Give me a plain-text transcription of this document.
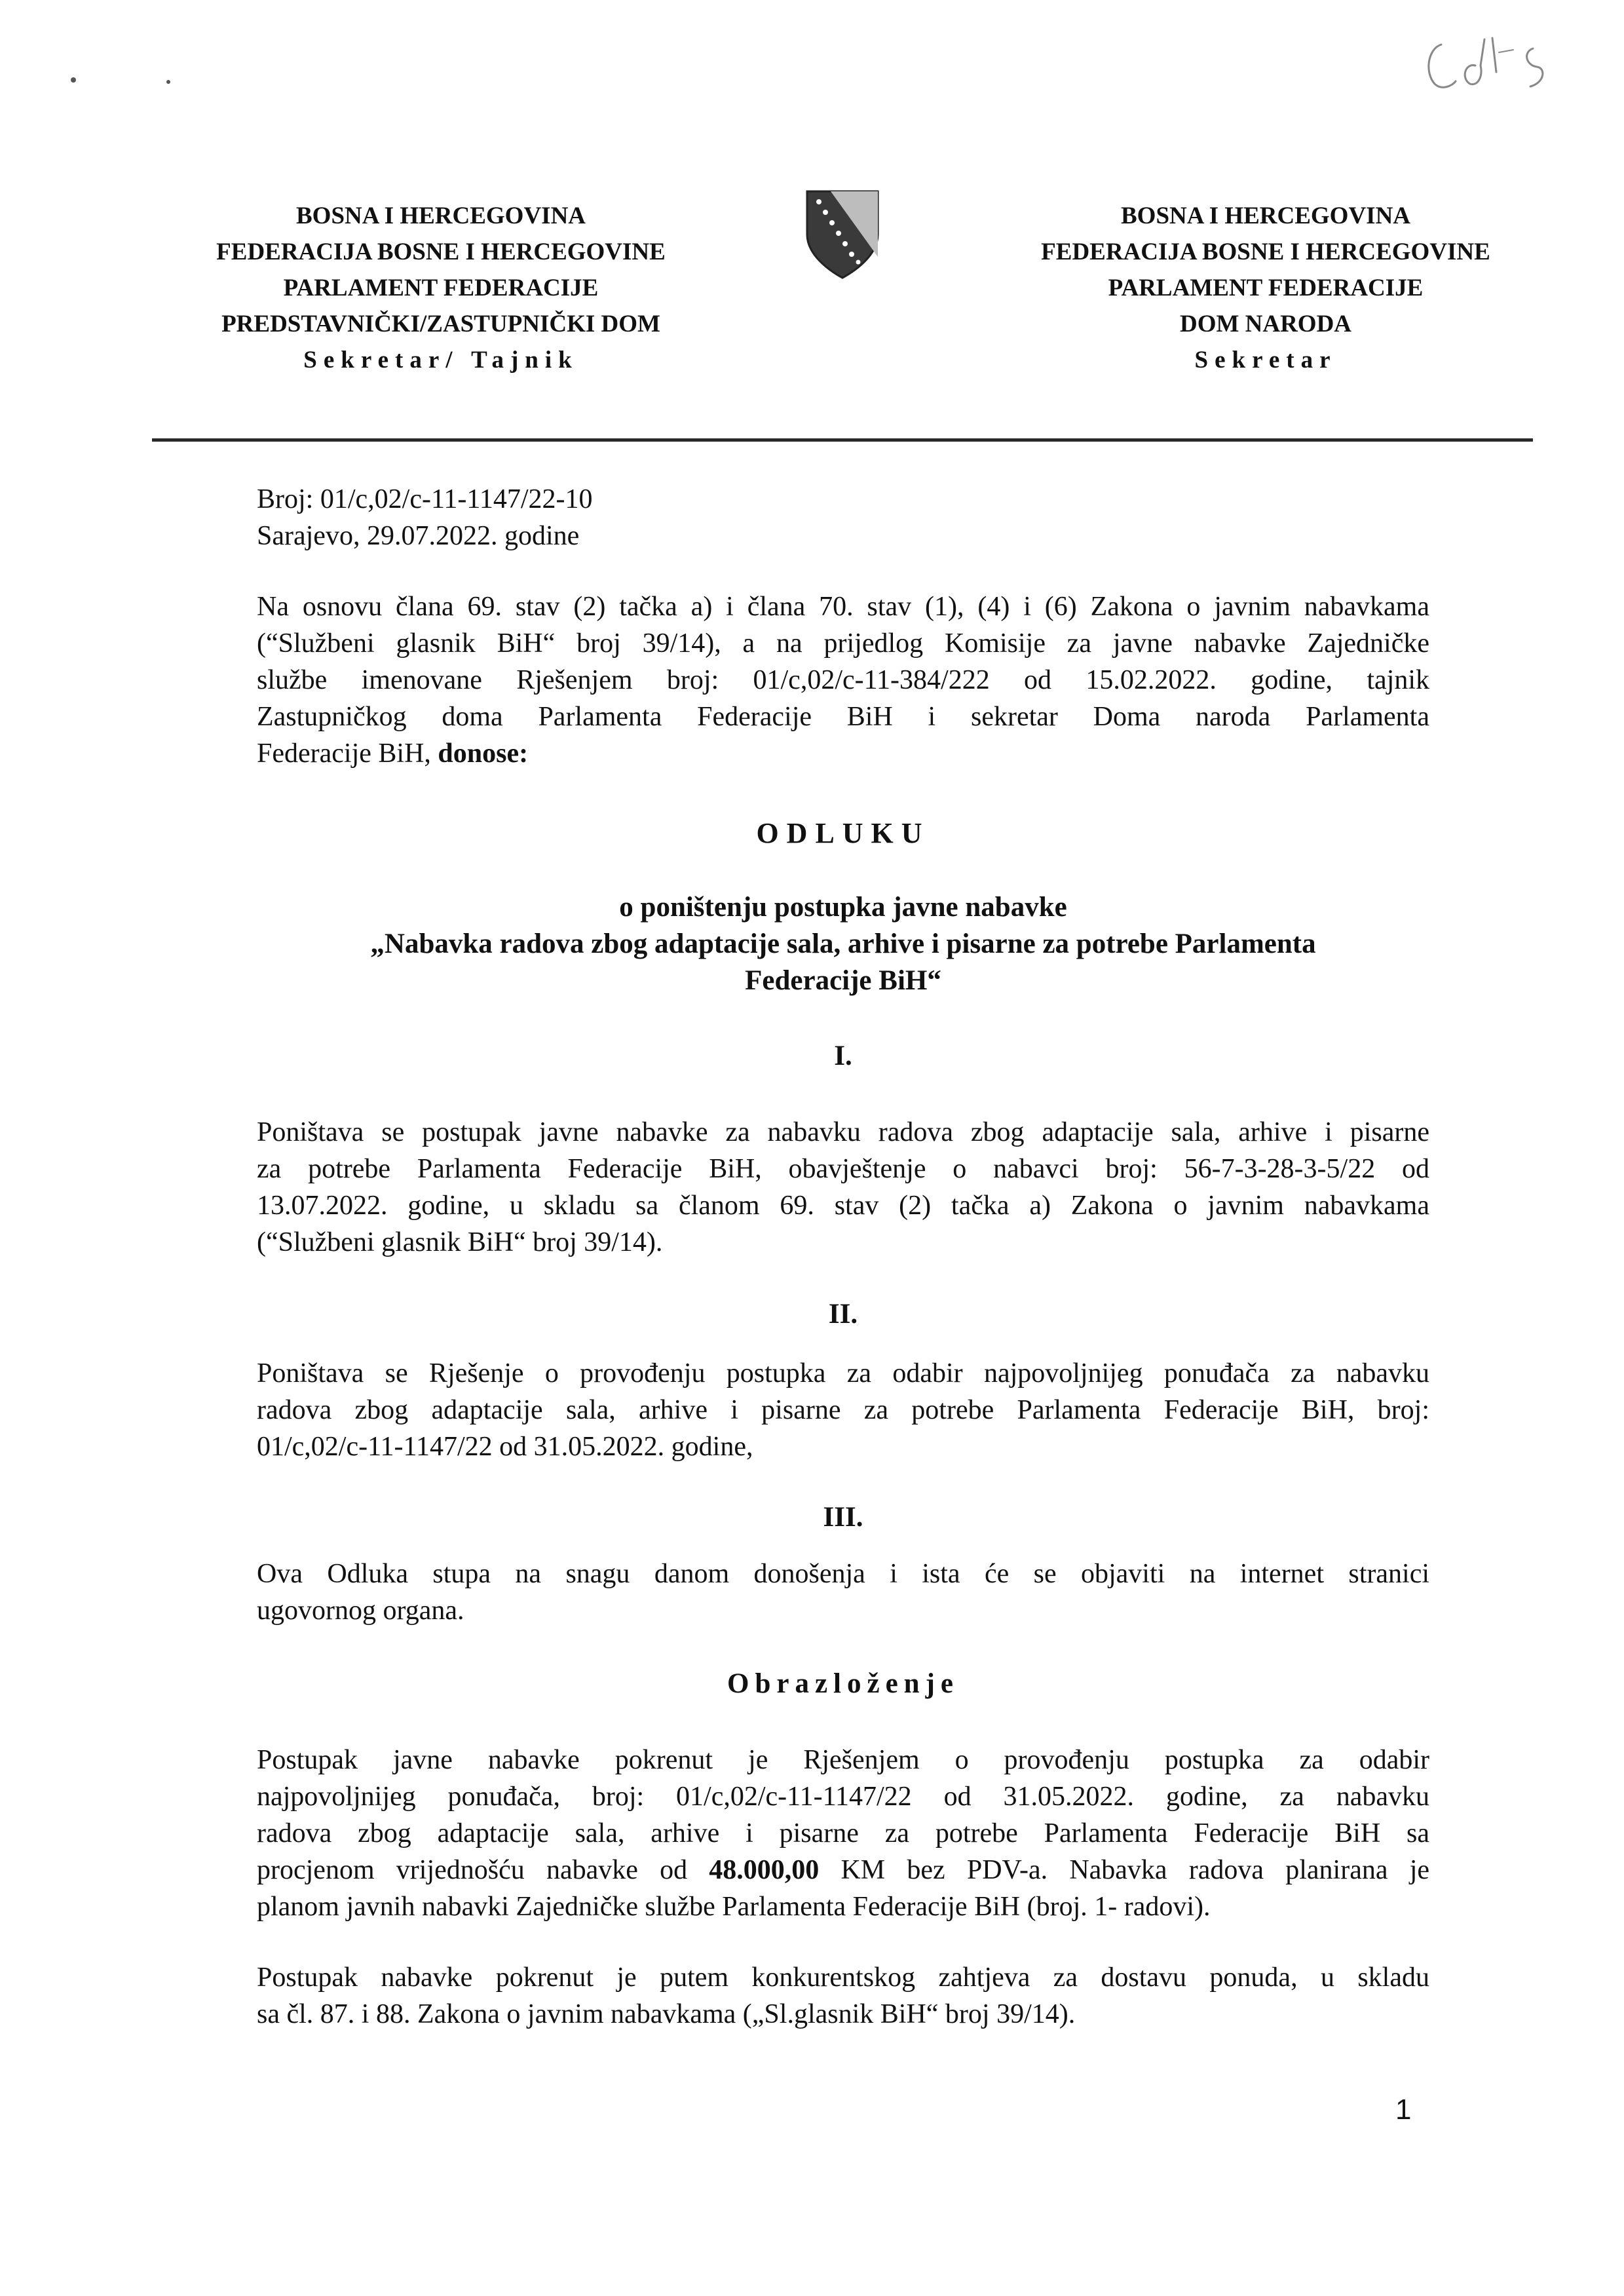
BOSNA I HERCEGOVINA
FEDERACIJA BOSNE I HERCEGOVINE
PARLAMENT FEDERACIJE
PREDSTAVNIČKI/ZASTUPNIČKI DOM
Sekretar/ Tajnik
BOSNA I HERCEGOVINA
FEDERACIJA BOSNE I HERCEGOVINE
PARLAMENT FEDERACIJE
DOM NARODA
Sekretar
Broj: 01/c,02/c-11-1147/22-10
Sarajevo, 29.07.2022. godine
Na osnovu člana 69. stav (2) tačka a) i člana 70. stav (1), (4) i (6) Zakona o javnim nabavkama
(“Službeni glasnik BiH“ broj 39/14), a na prijedlog Komisije za javne nabavke Zajedničke
službe imenovane Rješenjem broj: 01/c,02/c-11-384/222 od 15.02.2022. godine, tajnik
Zastupničkog doma Parlamenta Federacije BiH i sekretar Doma naroda Parlamenta
Federacije BiH, donose:
ODLUKU
o poništenju postupka javne nabavke
„Nabavka radova zbog adaptacije sala, arhive i pisarne za potrebe Parlamenta
Federacije BiH“
I.
Poništava se postupak javne nabavke za nabavku radova zbog adaptacije sala, arhive i pisarne
za potrebe Parlamenta Federacije BiH, obavještenje o nabavci broj: 56-7-3-28-3-5/22 od
13.07.2022. godine, u skladu sa članom 69. stav (2) tačka a) Zakona o javnim nabavkama
(“Službeni glasnik BiH“ broj 39/14).
II.
Poništava se Rješenje o provođenju postupka za odabir najpovoljnijeg ponuđača za nabavku
radova zbog adaptacije sala, arhive i pisarne za potrebe Parlamenta Federacije BiH, broj:
01/c,02/c-11-1147/22 od 31.05.2022. godine,
III.
Ova Odluka stupa na snagu danom donošenja i ista će se objaviti na internet stranici
ugovornog organa.
Obrazloženje
Postupak javne nabavke pokrenut je Rješenjem o provođenju postupka za odabir
najpovoljnijeg ponuđača, broj: 01/c,02/c-11-1147/22 od 31.05.2022. godine, za nabavku
radova zbog adaptacije sala, arhive i pisarne za potrebe Parlamenta Federacije BiH sa
procjenom vrijednošću nabavke od 48.000,00 KM bez PDV-a. Nabavka radova planirana je
planom javnih nabavki Zajedničke službe Parlamenta Federacije BiH (broj. 1- radovi).
Postupak nabavke pokrenut je putem konkurentskog zahtjeva za dostavu ponuda, u skladu
sa čl. 87. i 88. Zakona o javnim nabavkama („Sl.glasnik BiH“ broj 39/14).
1
